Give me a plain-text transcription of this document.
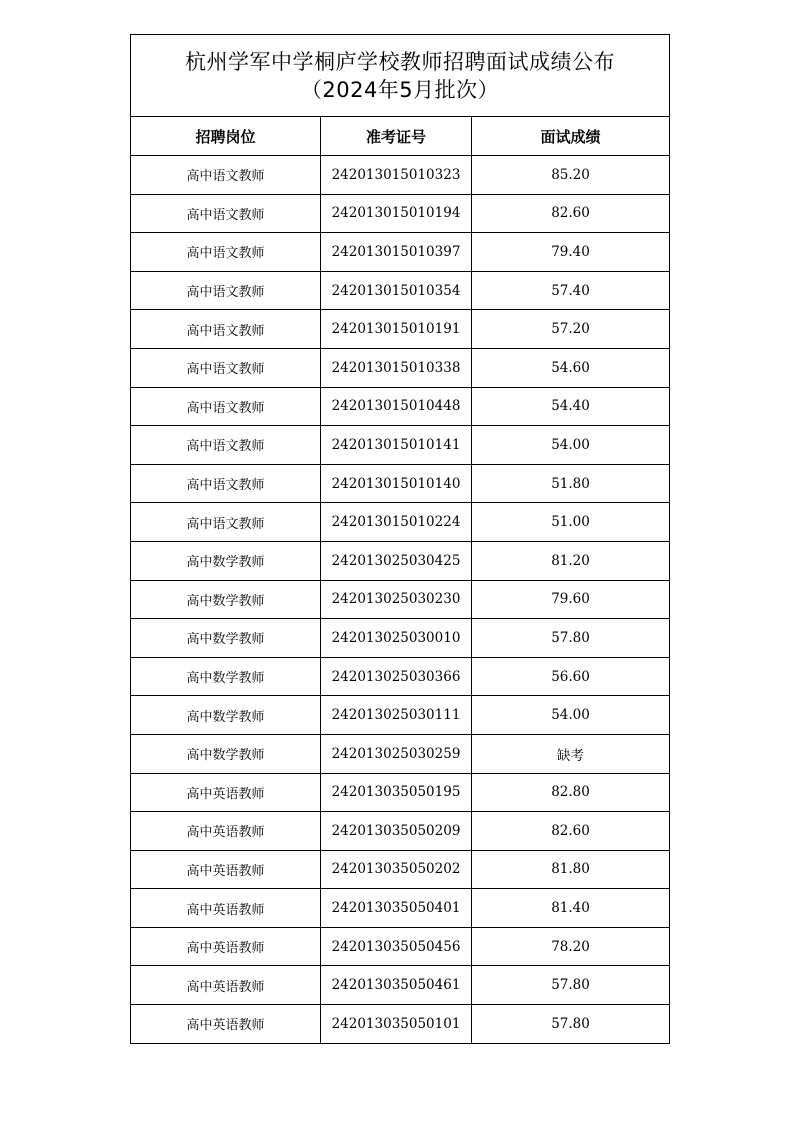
杭州学军中学桐庐学校教师招聘面试成绩公布
（2024年5月批次）		

招聘岗位	准考证号	面试成绩
高中语文教师	242013015010323	85.20
高中语文教师	242013015010194	82.60
高中语文教师	242013015010397	79.40
高中语文教师	242013015010354	57.40
高中语文教师	242013015010191	57.20
高中语文教师	242013015010338	54.60
高中语文教师	242013015010448	54.40
高中语文教师	242013015010141	54.00
高中语文教师	242013015010140	51.80
高中语文教师	242013015010224	51.00
高中数学教师	242013025030425	81.20
高中数学教师	242013025030230	79.60
高中数学教师	242013025030010	57.80
高中数学教师	242013025030366	56.60
高中数学教师	242013025030111	54.00
高中数学教师	242013025030259	缺考
高中英语教师	242013035050195	82.80
高中英语教师	242013035050209	82.60
高中英语教师	242013035050202	81.80
高中英语教师	242013035050401	81.40
高中英语教师	242013035050456	78.20
高中英语教师	242013035050461	57.80
高中英语教师	242013035050101	57.80
